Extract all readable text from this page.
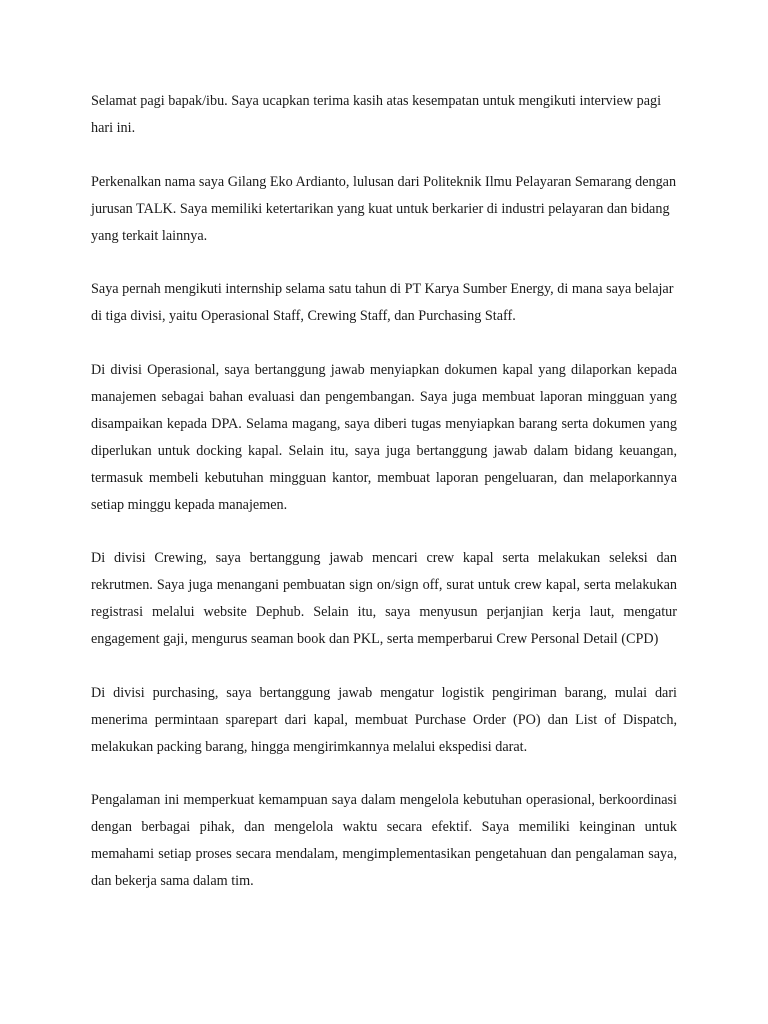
Selamat pagi bapak/ibu. Saya ucapkan terima kasih atas kesempatan untuk mengikuti interview pagi hari ini.

Perkenalkan nama saya Gilang Eko Ardianto, lulusan dari Politeknik Ilmu Pelayaran Semarang dengan jurusan TALK. Saya memiliki ketertarikan yang kuat untuk berkarier di industri pelayaran dan bidang yang terkait lainnya.

Saya pernah mengikuti internship selama satu tahun di PT Karya Sumber Energy, di mana saya belajar di tiga divisi, yaitu Operasional Staff, Crewing Staff, dan Purchasing Staff.

Di divisi Operasional, saya bertanggung jawab menyiapkan dokumen kapal yang dilaporkan kepada manajemen sebagai bahan evaluasi dan pengembangan. Saya juga membuat laporan mingguan yang disampaikan kepada DPA. Selama magang, saya diberi tugas menyiapkan barang serta dokumen yang diperlukan untuk docking kapal. Selain itu, saya juga bertanggung jawab dalam bidang keuangan, termasuk membeli kebutuhan mingguan kantor, membuat laporan pengeluaran, dan melaporkannya setiap minggu kepada manajemen.

Di divisi Crewing, saya bertanggung jawab mencari crew kapal serta melakukan seleksi dan rekrutmen. Saya juga menangani pembuatan sign on/sign off, surat untuk crew kapal, serta melakukan registrasi melalui website Dephub. Selain itu, saya menyusun perjanjian kerja laut, mengatur engagement gaji, mengurus seaman book dan PKL, serta memperbarui Crew Personal Detail (CPD)

Di divisi purchasing, saya bertanggung jawab mengatur logistik pengiriman barang, mulai dari menerima permintaan sparepart dari kapal, membuat Purchase Order (PO) dan List of Dispatch, melakukan packing barang, hingga mengirimkannya melalui ekspedisi darat.

Pengalaman ini memperkuat kemampuan saya dalam mengelola kebutuhan operasional, berkoordinasi dengan berbagai pihak, dan mengelola waktu secara efektif. Saya memiliki keinginan untuk memahami setiap proses secara mendalam, mengimplementasikan pengetahuan dan pengalaman saya, dan bekerja sama dalam tim.
